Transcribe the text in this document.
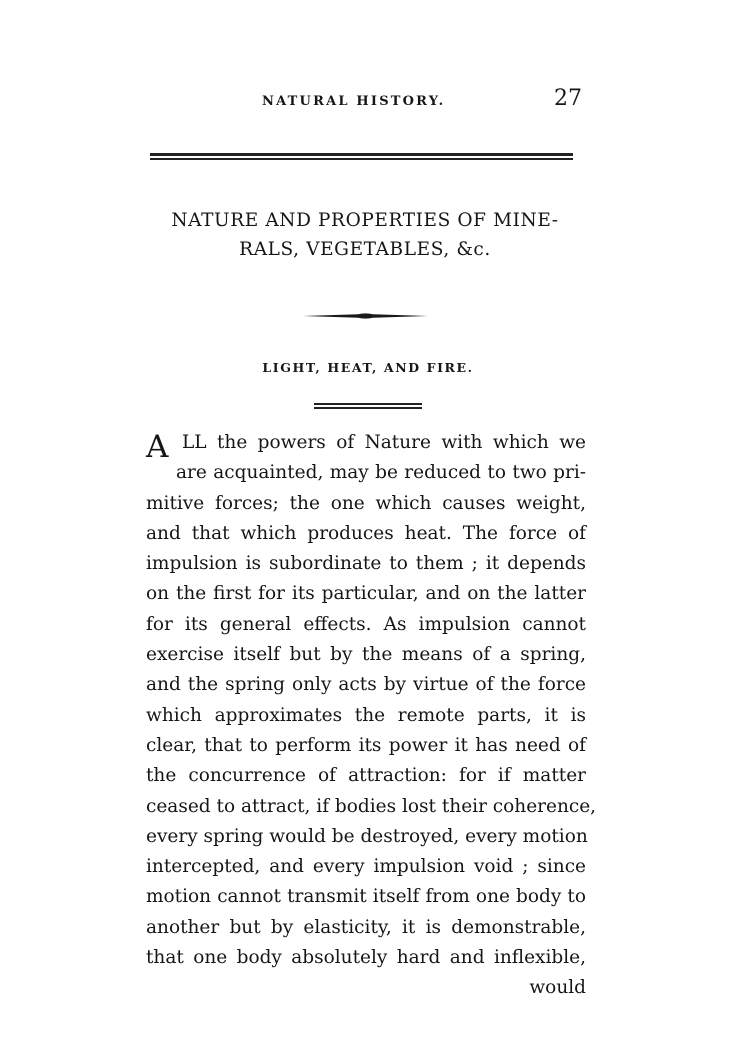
NATURAL HISTORY.	27
NATURE AND PROPERTIES OF MINE-
RALS, VEGETABLES, &c.
LIGHT, HEAT, AND FIRE.
A LL the powers of Nature with which we
are acquainted, may be reduced to two pri-
mitive forces; the one which causes weight,
and that which produces heat. The force of
impulsion is subordinate to them ; it depends
on the first for its particular, and on the latter
for its general effects. As impulsion cannot
exercise itself but by the means of a spring,
and the spring only acts by virtue of the force
which approximates the remote parts, it is
clear, that to perform its power it has need of
the concurrence of attraction: for if matter
ceased to attract, if bodies lost their coherence,
every spring would be destroyed, every motion
intercepted, and every impulsion void ; since
motion cannot transmit itself from one body to
another but by elasticity, it is demonstrable,
that one body absolutely hard and inflexible,
would
